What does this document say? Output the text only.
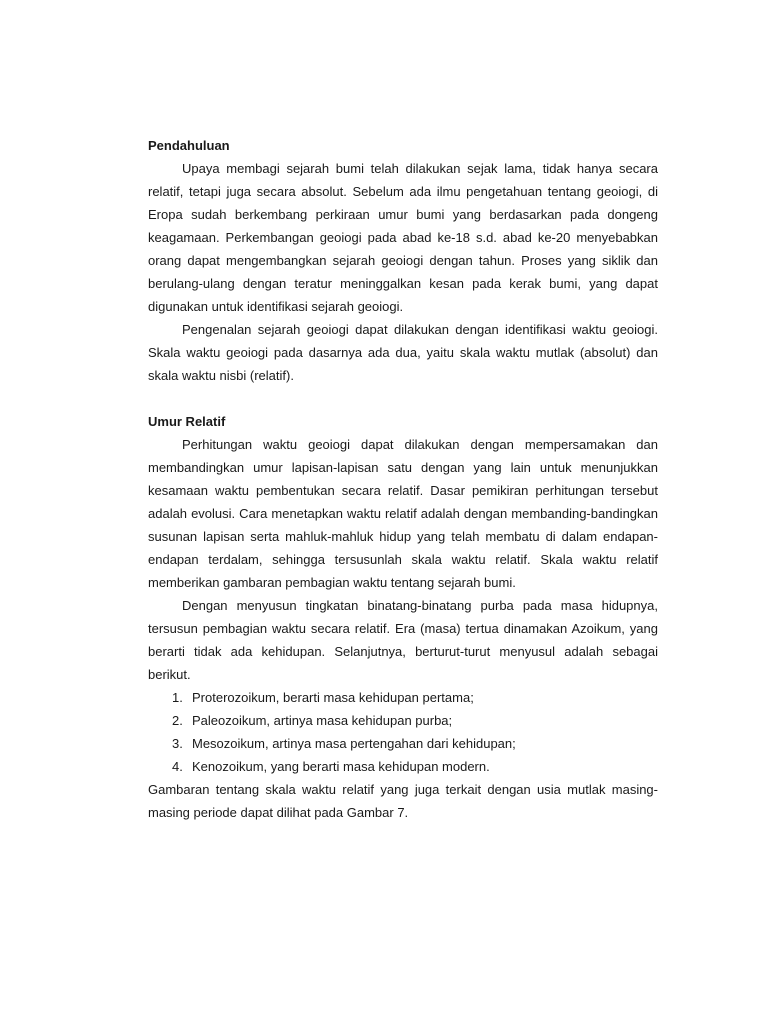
Pendahuluan

Upaya membagi sejarah bumi telah dilakukan sejak lama, tidak hanya secara relatif, tetapi juga secara absolut. Sebelum ada ilmu pengetahuan tentang geoiogi, di Eropa sudah berkembang perkiraan umur bumi yang berdasarkan pada dongeng keagamaan. Perkembangan geoiogi pada abad ke-18 s.d. abad ke-20 menyebabkan orang dapat mengembangkan sejarah geoiogi dengan tahun. Proses yang siklik dan berulang-ulang dengan teratur meninggalkan kesan pada kerak bumi, yang dapat digunakan untuk identifikasi sejarah geoiogi.

Pengenalan sejarah geoiogi dapat dilakukan dengan identifikasi waktu geoiogi. Skala waktu geoiogi pada dasarnya ada dua, yaitu skala waktu mutlak (absolut) dan skala waktu nisbi (relatif).

Umur Relatif

Perhitungan waktu geoiogi dapat dilakukan dengan mempersamakan dan membandingkan umur lapisan-lapisan satu dengan yang lain untuk menunjukkan kesamaan waktu pembentukan secara relatif. Dasar pemikiran perhitungan tersebut adalah evolusi. Cara menetapkan waktu relatif adalah dengan membanding-bandingkan susunan lapisan serta mahluk-mahluk hidup yang telah membatu di dalam endapan-endapan terdalam, sehingga tersusunlah skala waktu relatif. Skala waktu relatif memberikan gambaran pembagian waktu tentang sejarah bumi.

Dengan menyusun tingkatan binatang-binatang purba pada masa hidupnya, tersusun pembagian waktu secara relatif. Era (masa) tertua dinamakan Azoikum, yang berarti tidak ada kehidupan. Selanjutnya, berturut-turut menyusul adalah sebagai berikut.

1. Proterozoikum, berarti masa kehidupan pertama;
2. Paleozoikum, artinya masa kehidupan purba;
3. Mesozoikum, artinya masa pertengahan dari kehidupan;
4. Kenozoikum, yang berarti masa kehidupan modern.

Gambaran tentang skala waktu relatif yang juga terkait dengan usia mutlak masing-masing periode dapat dilihat pada Gambar 7.
